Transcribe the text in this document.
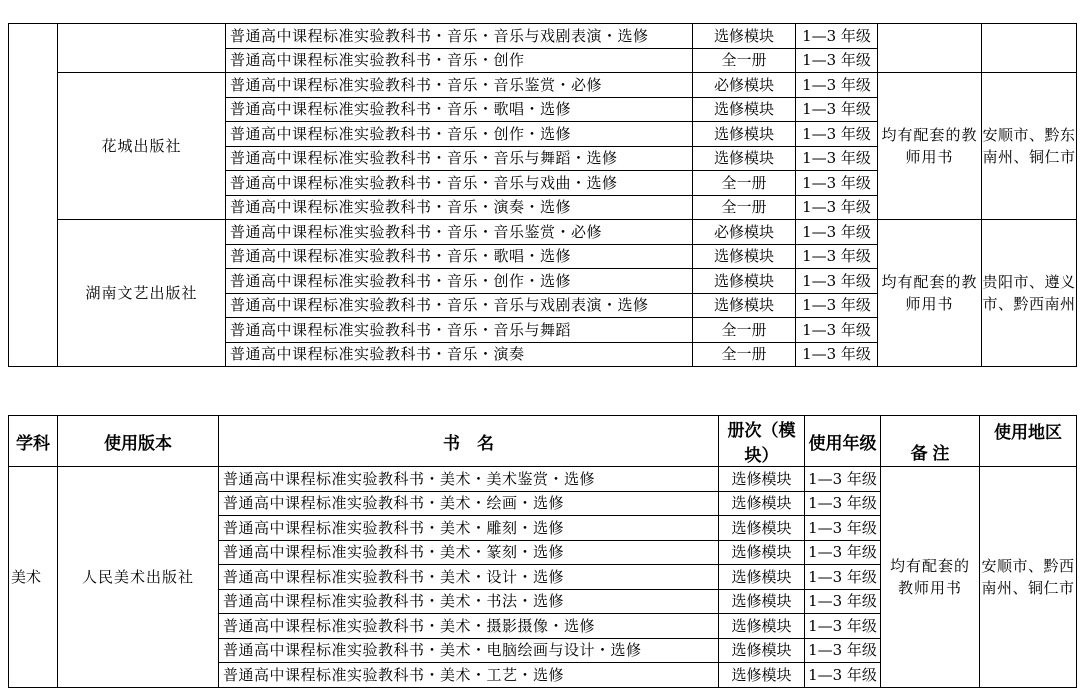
		普通高中课程标准实验教科书・音乐・音乐与戏剧表演・选修	选修模块	1—3 年级		
		普通高中课程标准实验教科书・音乐・创作	全一册	1—3 年级		
	花城出版社	普通高中课程标准实验教科书・音乐・音乐鉴赏・必修	必修模块	1—3 年级	均有配套的教师用书	安顺市、黔东南州、铜仁市
		普通高中课程标准实验教科书・音乐・歌唱・选修	选修模块	1—3 年级		
		普通高中课程标准实验教科书・音乐・创作・选修	选修模块	1—3 年级		
		普通高中课程标准实验教科书・音乐・音乐与舞蹈・选修	选修模块	1—3 年级		
		普通高中课程标准实验教科书・音乐・音乐与戏曲・选修	全一册	1—3 年级		
		普通高中课程标准实验教科书・音乐・演奏・选修	全一册	1—3 年级		
	湖南文艺出版社	普通高中课程标准实验教科书・音乐・音乐鉴赏・必修	必修模块	1—3 年级	均有配套的教师用书	贵阳市、遵义市、黔西南州
		普通高中课程标准实验教科书・音乐・歌唱・选修	选修模块	1—3 年级		
		普通高中课程标准实验教科书・音乐・创作・选修	选修模块	1—3 年级		
		普通高中课程标准实验教科书・音乐・音乐与戏剧表演・选修	选修模块	1—3 年级		
		普通高中课程标准实验教科书・音乐・音乐与舞蹈	全一册	1—3 年级		
		普通高中课程标准实验教科书・音乐・演奏	全一册	1—3 年级		
学科	使用版本	书　名	册次（模块）	使用年级	备 注	使用地区
美术	人民美术出版社	普通高中课程标准实验教科书・美术・美术鉴赏・选修	选修模块	1—3 年级	均有配套的教师用书	安顺市、黔西南州、铜仁市
		普通高中课程标准实验教科书・美术・绘画・选修	选修模块	1—3 年级		
		普通高中课程标准实验教科书・美术・雕刻・选修	选修模块	1—3 年级		
		普通高中课程标准实验教科书・美术・篆刻・选修	选修模块	1—3 年级		
		普通高中课程标准实验教科书・美术・设计・选修	选修模块	1—3 年级		
		普通高中课程标准实验教科书・美术・书法・选修	选修模块	1—3 年级		
		普通高中课程标准实验教科书・美术・摄影摄像・选修	选修模块	1—3 年级		
		普通高中课程标准实验教科书・美术・电脑绘画与设计・选修	选修模块	1—3 年级		
		普通高中课程标准实验教科书・美术・工艺・选修	选修模块	1—3 年级		
